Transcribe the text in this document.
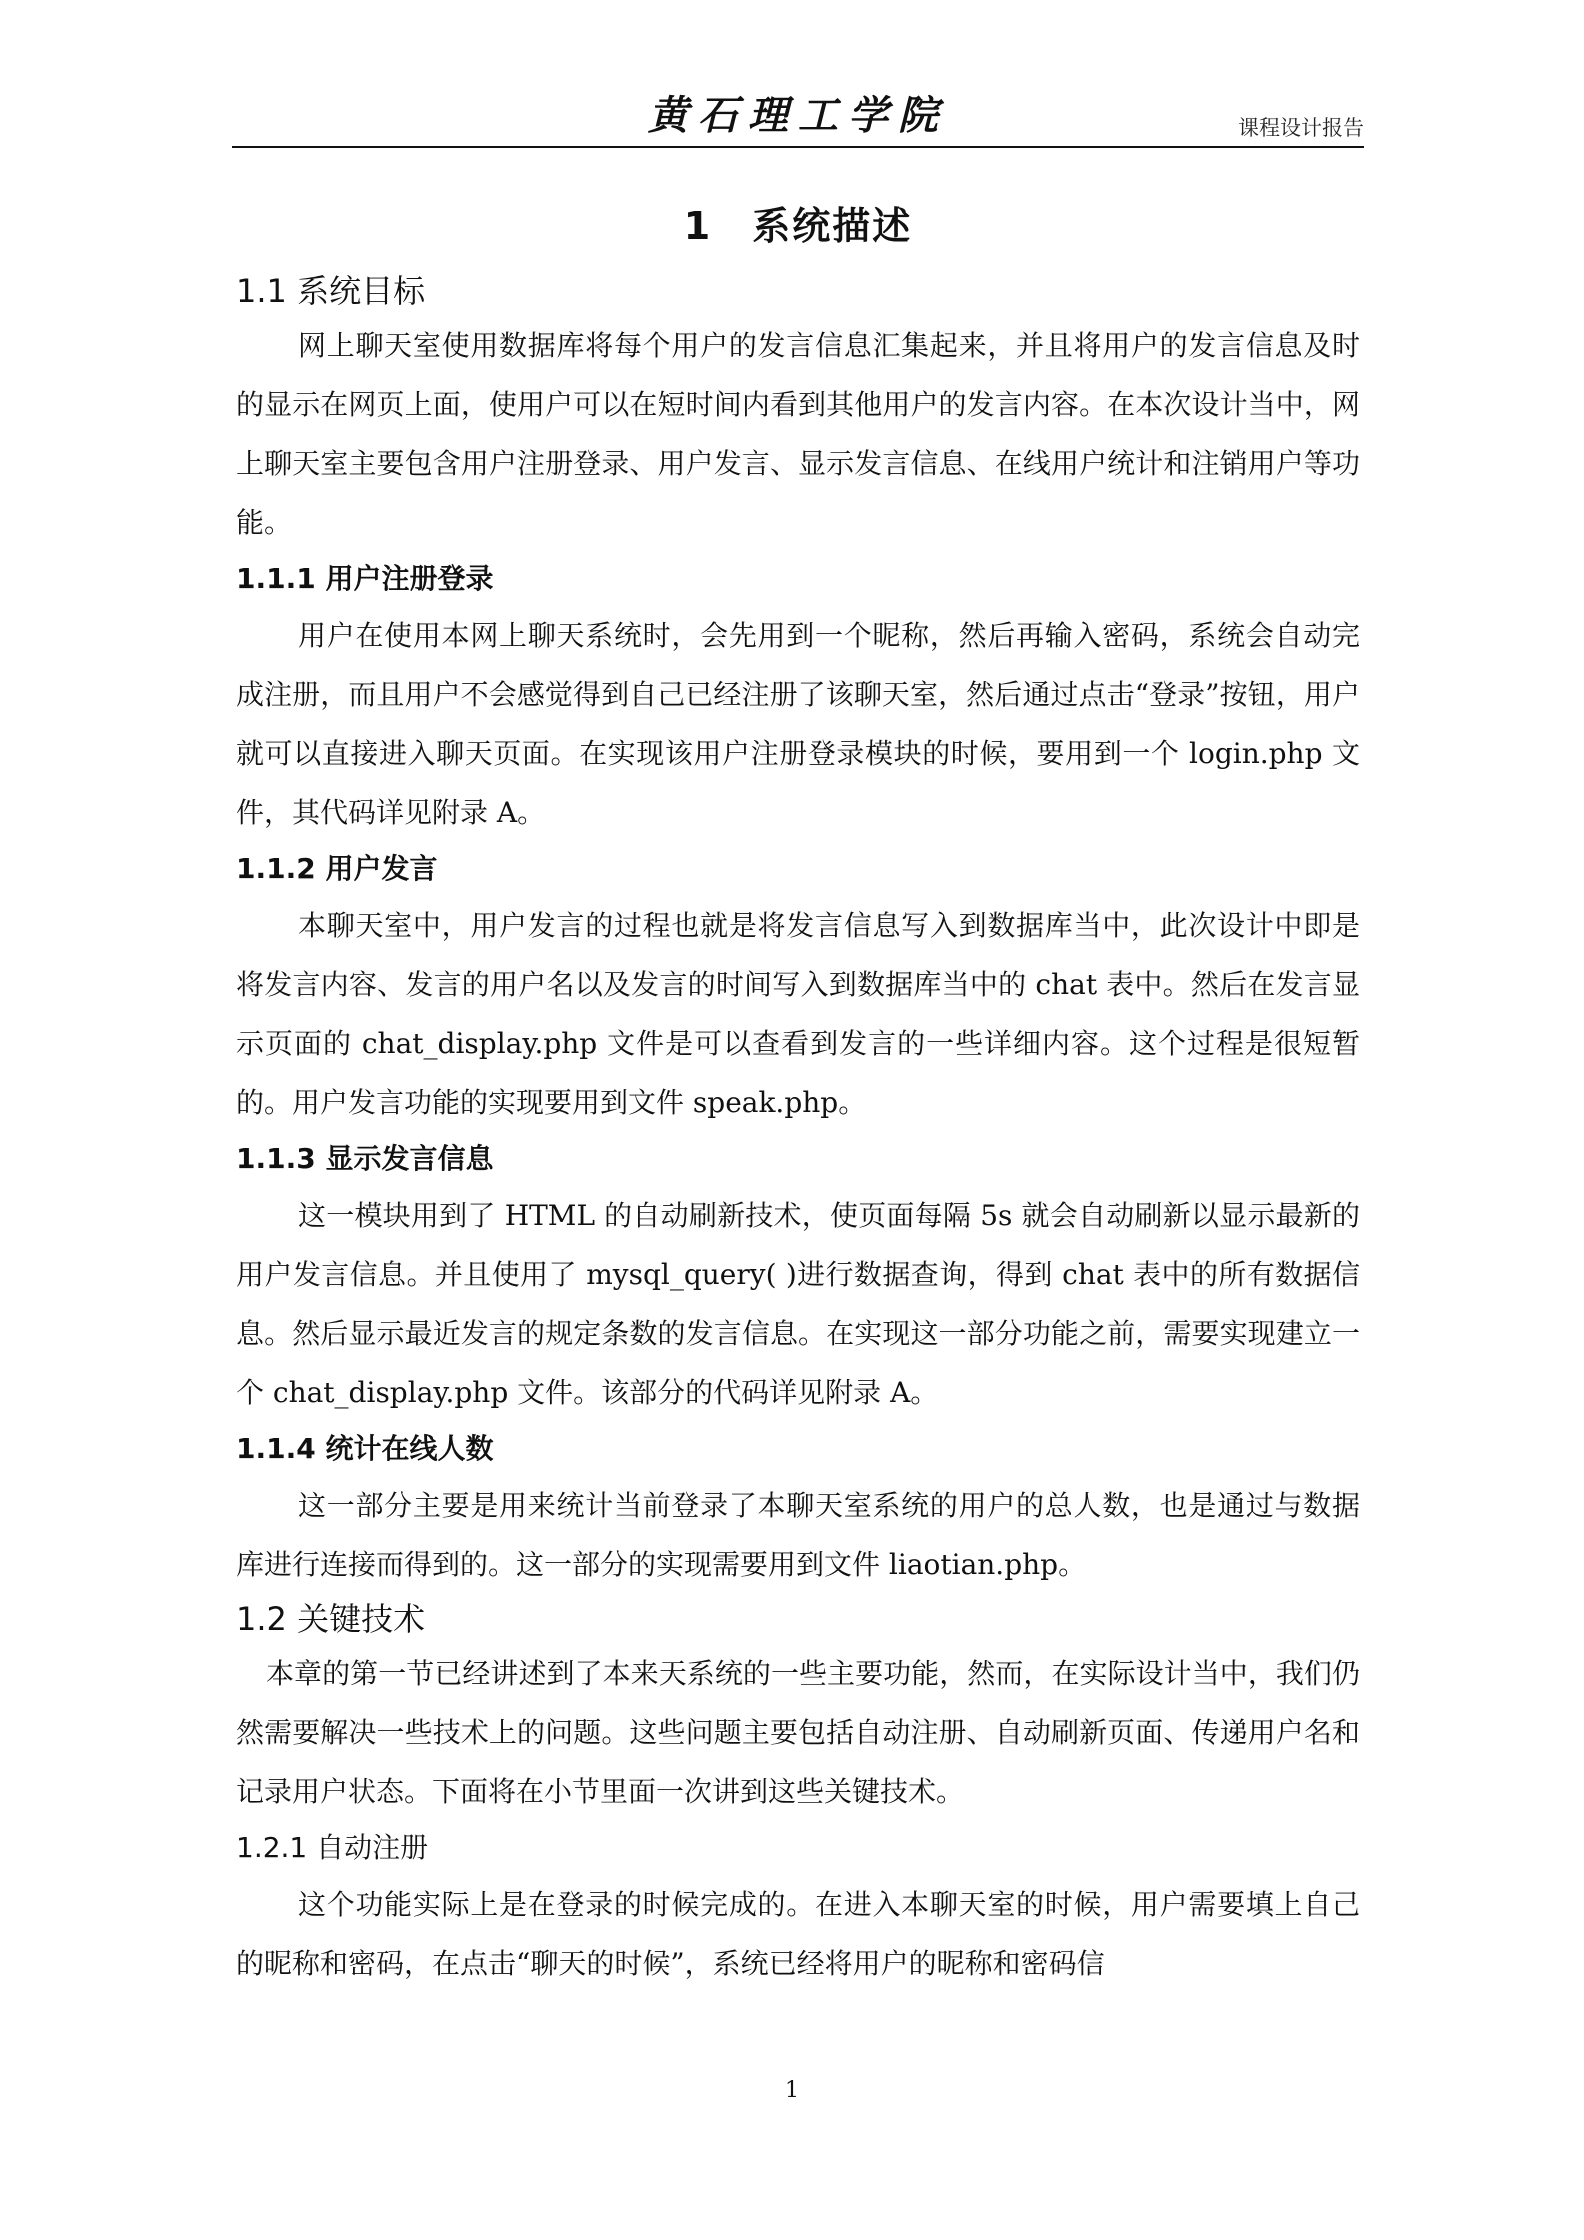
黄石理工学院	课程设计报告
1 系统描述
1.1 系统目标

网上聊天室使用数据库将每个用户的发言信息汇集起来，并且将用户的发言信息及时的显示在网页上面，使用户可以在短时间内看到其他用户的发言内容。在本次设计当中，网上聊天室主要包含用户注册登录、用户发言、显示发言信息、在线用户统计和注销用户等功能。

1.1.1 用户注册登录

用户在使用本网上聊天系统时，会先用到一个昵称，然后再输入密码，系统会自动完成注册，而且用户不会感觉得到自己已经注册了该聊天室，然后通过点击“登录”按钮，用户就可以直接进入聊天页面。在实现该用户注册登录模块的时候，要用到一个 login.php 文件，其代码详见附录 A。

1.1.2 用户发言

本聊天室中，用户发言的过程也就是将发言信息写入到数据库当中，此次设计中即是将发言内容、发言的用户名以及发言的时间写入到数据库当中的 chat 表中。然后在发言显示页面的 chat_display.php 文件是可以查看到发言的一些详细内容。这个过程是很短暂的。用户发言功能的实现要用到文件 speak.php。

1.1.3 显示发言信息

这一模块用到了 HTML 的自动刷新技术，使页面每隔 5s 就会自动刷新以显示最新的用户发言信息。并且使用了 mysql_query( )进行数据查询，得到 chat 表中的所有数据信息。然后显示最近发言的规定条数的发言信息。在实现这一部分功能之前，需要实现建立一个 chat_display.php 文件。该部分的代码详见附录 A。

1.1.4 统计在线人数

这一部分主要是用来统计当前登录了本聊天室系统的用户的总人数，也是通过与数据库进行连接而得到的。这一部分的实现需要用到文件 liaotian.php。

1.2 关键技术

本章的第一节已经讲述到了本来天系统的一些主要功能，然而，在实际设计当中，我们仍然需要解决一些技术上的问题。这些问题主要包括自动注册、自动刷新页面、传递用户名和记录用户状态。下面将在小节里面一次讲到这些关键技术。

1.2.1 自动注册

这个功能实际上是在登录的时候完成的。在进入本聊天室的时候，用户需要填上自己的昵称和密码，在点击“聊天的时候”，系统已经将用户的昵称和密码信

1
